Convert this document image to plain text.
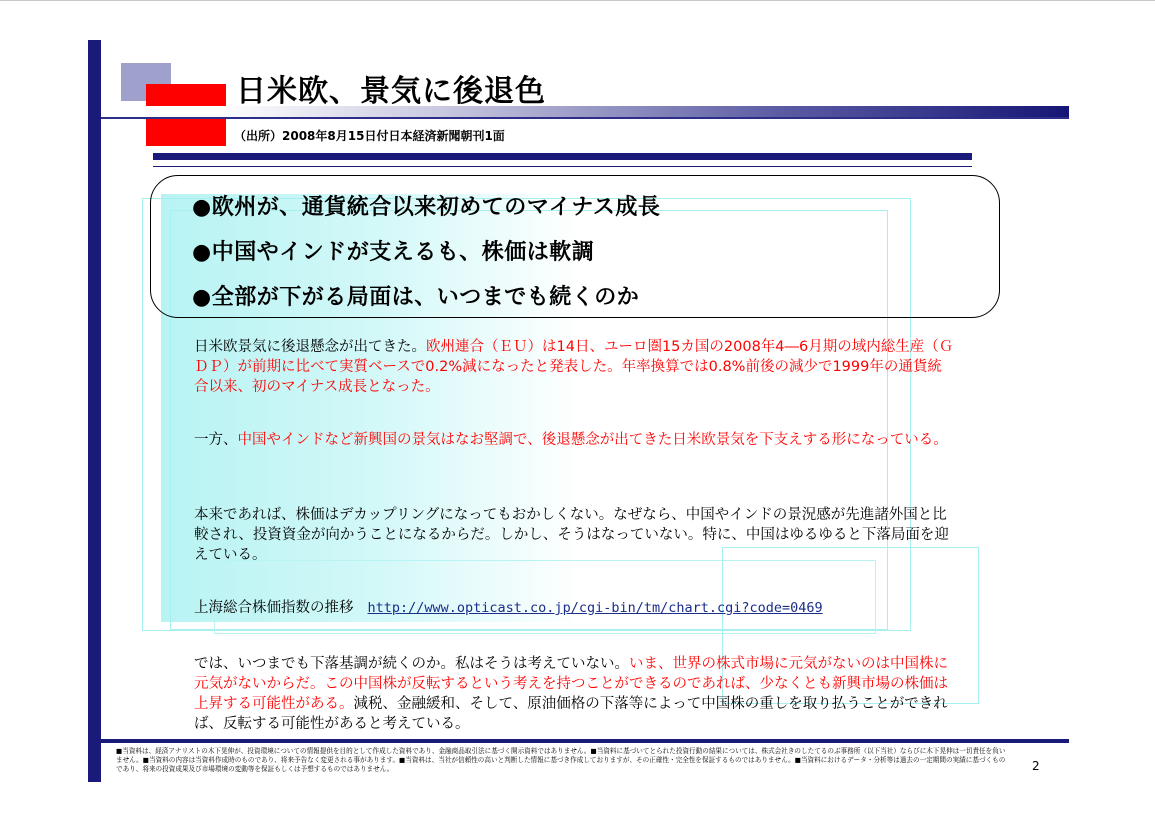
日米欧、景気に後退色
（出所）2008年8月15日付日本経済新聞朝刊1面
●欧州が、通貨統合以来初めてのマイナス成長
●中国やインドが支えるも、株価は軟調
●全部が下がる局面は、いつまでも続くのか
日米欧景気に後退懸念が出てきた。欧州連合（ＥＵ）は14日、ユーロ圏15カ国の2008年4―6月期の域内総生産（ＧＤＰ）が前期に比べて実質ベースで0.2%減になったと発表した。年率換算では0.8%前後の減少で1999年の通貨統合以来、初のマイナス成長となった。
一方、中国やインドなど新興国の景気はなお堅調で、後退懸念が出てきた日米欧景気を下支えする形になっている。
本来であれば、株価はデカップリングになってもおかしくない。なぜなら、中国やインドの景況感が先進諸外国と比較され、投資資金が向かうことになるからだ。しかし、そうはなっていない。特に、中国はゆるゆると下落局面を迎えている。
上海総合株価指数の推移 http://www.opticast.co.jp/cgi-bin/tm/chart.cgi?code=0469
では、いつまでも下落基調が続くのか。私はそうは考えていない。いま、世界の株式市場に元気がないのは中国株に元気がないからだ。この中国株が反転するという考えを持つことができるのであれば、少なくとも新興市場の株価は上昇する可能性がある。減税、金融緩和、そして、原油価格の下落等によって中国株の重しを取り払うことができれば、反転する可能性があると考えている。
■当資料は、経済アナリストの木下晃伸が、投資環境についての情報提供を目的として作成した資料であり、金融商品取引法に基づく開示資料ではありません。■当資料に基づいてとられた投資行動の結果については、株式会社きのしたてるのぶ事務所（以下当社）ならびに木下晃伸は一切責任を負いません。■当資料の内容は当資料作成時のものであり、将来予告なく変更される事があります。■当資料は、当社が信頼性の高いと判断した情報に基づき作成しておりますが、その正確性・完全性を保証するものではありません。■当資料におけるデータ・分析等は過去の一定期間の実績に基づくものであり、将来の投資成果及び市場環境の変動等を保証もしくは予想するものではありません。	2
